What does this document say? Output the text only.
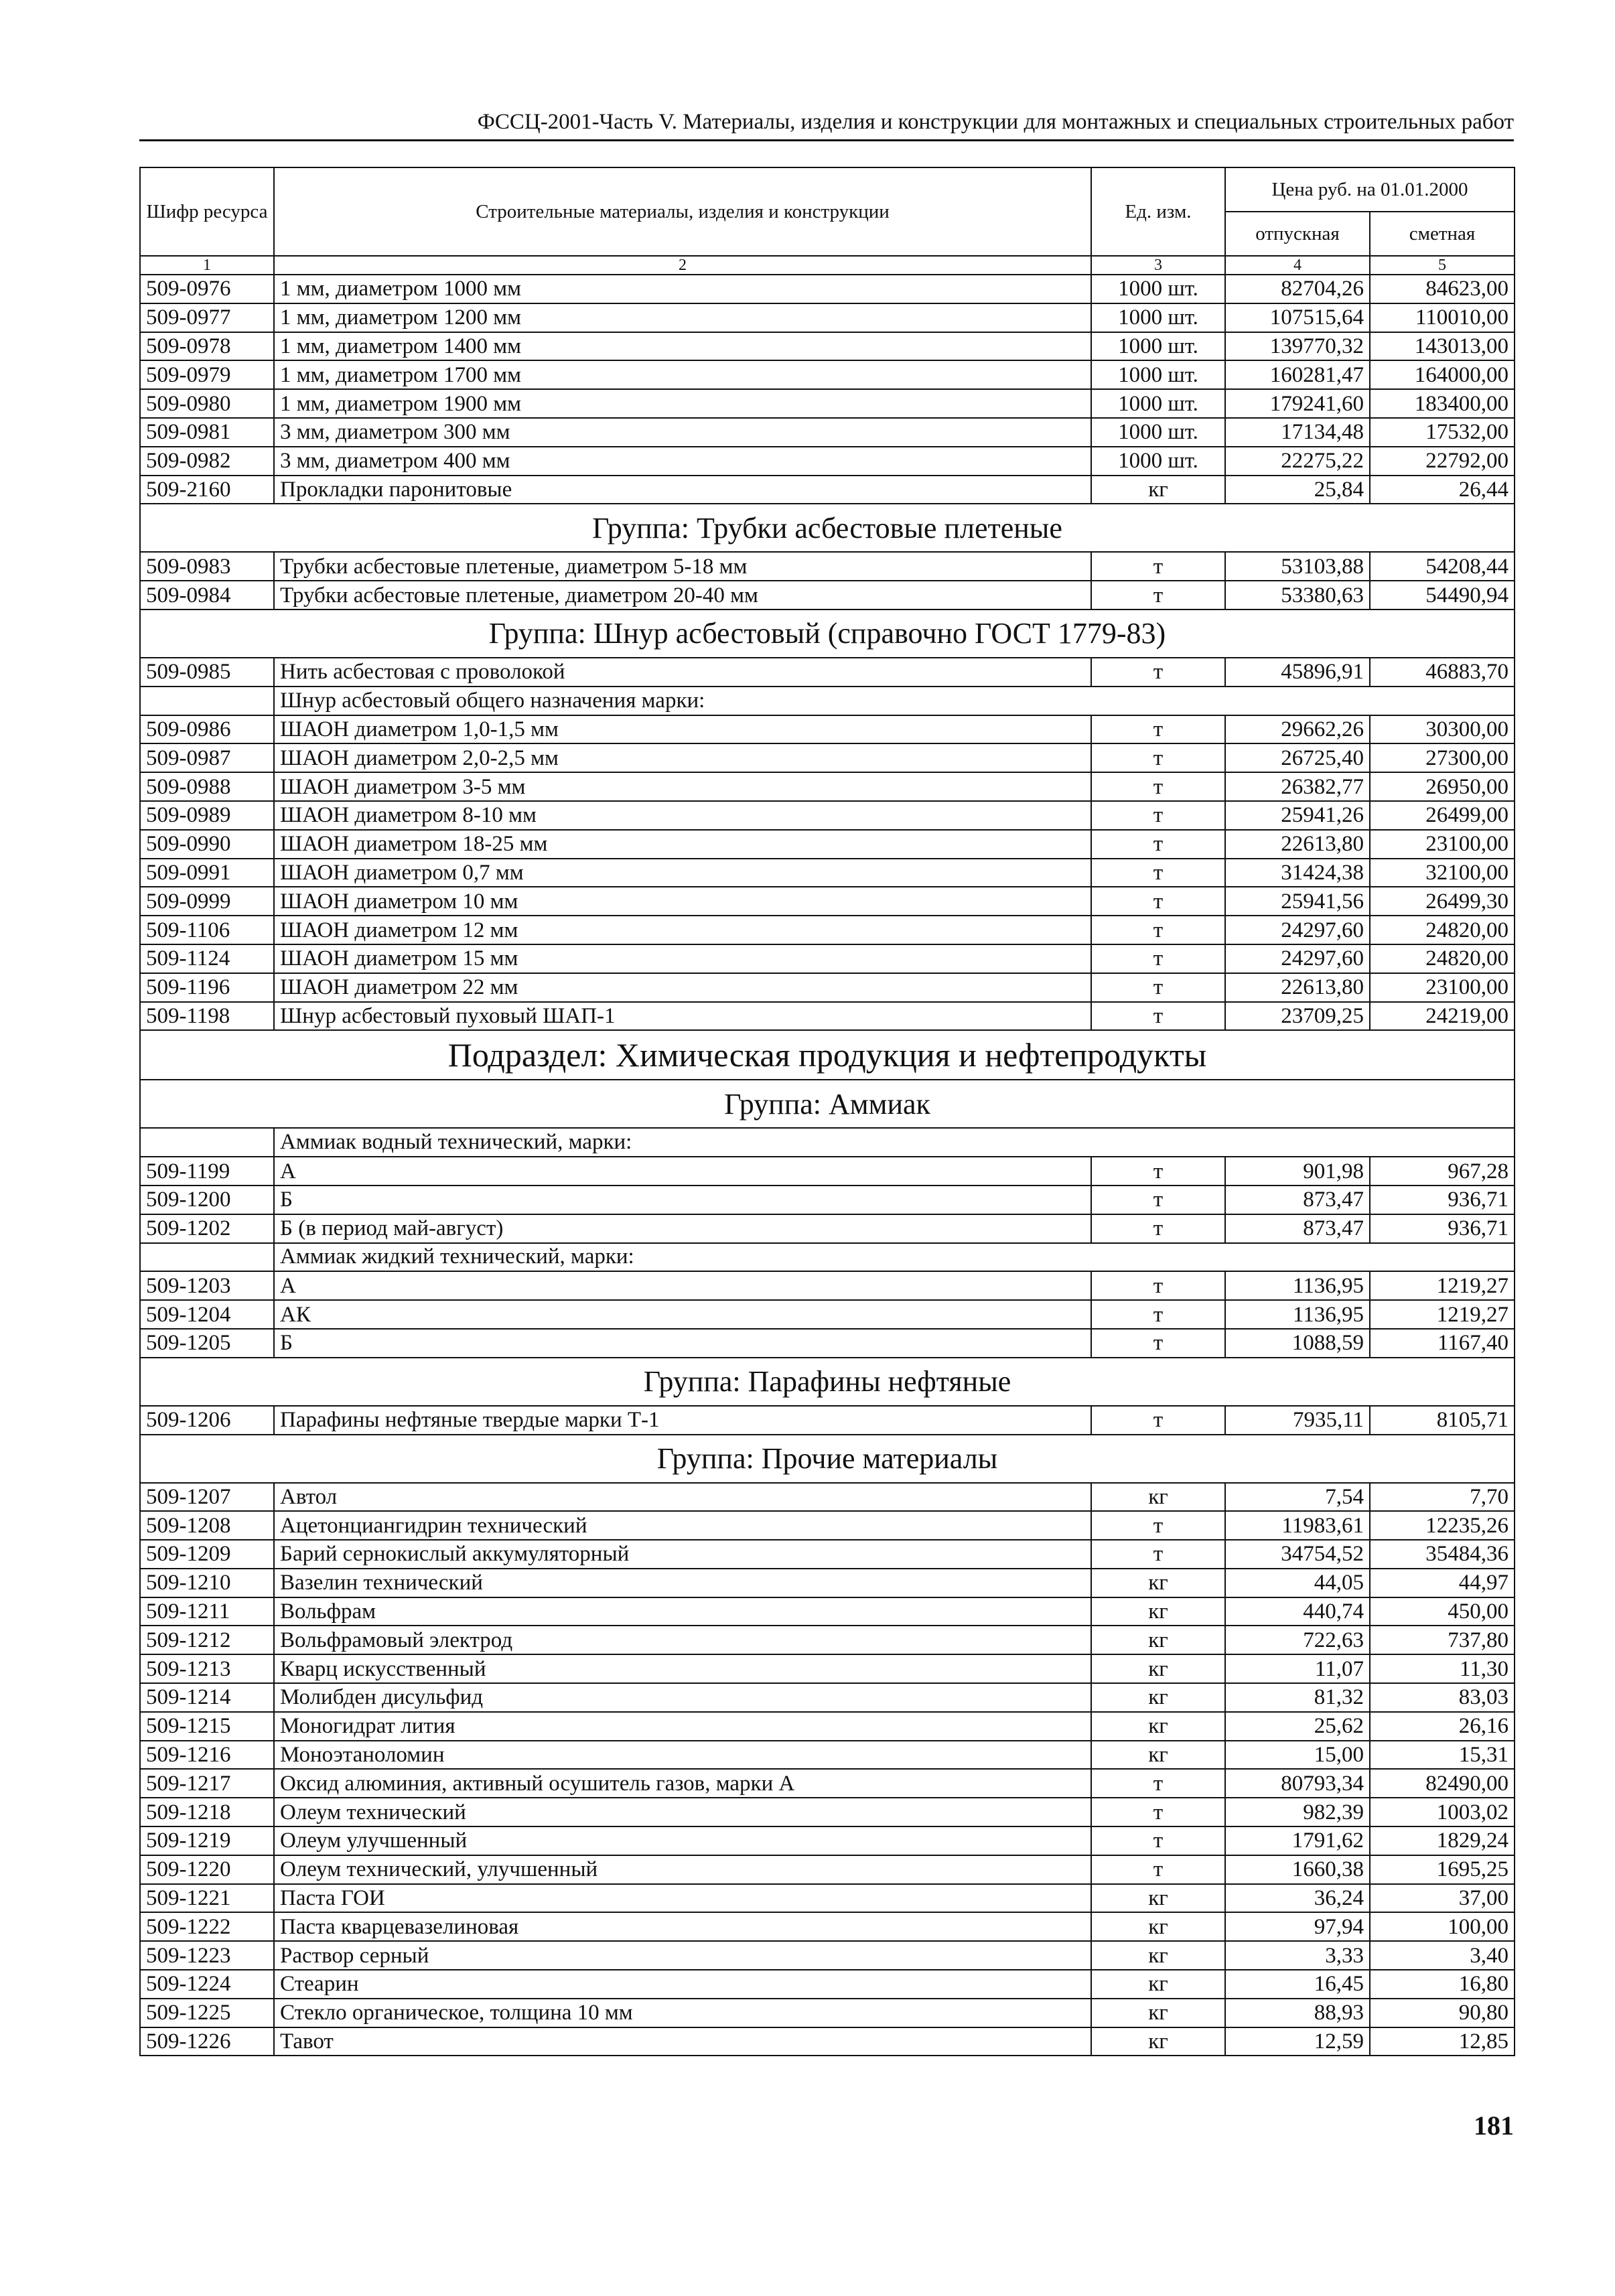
ФССЦ-2001-Часть V. Материалы, изделия и конструкции для монтажных и специальных строительных работ
Шифр ресурса	Строительные материалы, изделия и конструкции	Ед. изм.	Цена руб. на 01.01.2000	
			отпускная	сметная
1	2	3	4	5
509-0976	1 мм, диаметром 1000 мм	1000 шт.	82704,26	84623,00
509-0977	1 мм, диаметром 1200 мм	1000 шт.	107515,64	110010,00
509-0978	1 мм, диаметром 1400 мм	1000 шт.	139770,32	143013,00
509-0979	1 мм, диаметром 1700 мм	1000 шт.	160281,47	164000,00
509-0980	1 мм, диаметром 1900 мм	1000 шт.	179241,60	183400,00
509-0981	3 мм, диаметром 300 мм	1000 шт.	17134,48	17532,00
509-0982	3 мм, диаметром 400 мм	1000 шт.	22275,22	22792,00
509-2160	Прокладки паронитовые	кг	25,84	26,44
Группа: Трубки асбестовые плетеные				
509-0983	Трубки асбестовые плетеные, диаметром 5-18 мм	т	53103,88	54208,44
509-0984	Трубки асбестовые плетеные, диаметром 20-40 мм	т	53380,63	54490,94
Группа: Шнур асбестовый (справочно ГОСТ 1779-83)				
509-0985	Нить асбестовая с проволокой	т	45896,91	46883,70
	Шнур асбестовый общего назначения марки:			
509-0986	ШАОН диаметром 1,0-1,5 мм	т	29662,26	30300,00
509-0987	ШАОН диаметром 2,0-2,5 мм	т	26725,40	27300,00
509-0988	ШАОН диаметром 3-5 мм	т	26382,77	26950,00
509-0989	ШАОН диаметром 8-10 мм	т	25941,26	26499,00
509-0990	ШАОН диаметром 18-25 мм	т	22613,80	23100,00
509-0991	ШАОН диаметром 0,7 мм	т	31424,38	32100,00
509-0999	ШАОН диаметром 10 мм	т	25941,56	26499,30
509-1106	ШАОН диаметром 12 мм	т	24297,60	24820,00
509-1124	ШАОН диаметром 15 мм	т	24297,60	24820,00
509-1196	ШАОН диаметром 22 мм	т	22613,80	23100,00
509-1198	Шнур асбестовый пуховый ШАП-1	т	23709,25	24219,00
Подраздел: Химическая продукция и нефтепродукты				
Группа: Аммиак				
	Аммиак водный технический, марки:			
509-1199	А	т	901,98	967,28
509-1200	Б	т	873,47	936,71
509-1202	Б (в период май-август)	т	873,47	936,71
	Аммиак жидкий технический, марки:			
509-1203	А	т	1136,95	1219,27
509-1204	АК	т	1136,95	1219,27
509-1205	Б	т	1088,59	1167,40
Группа: Парафины нефтяные				
509-1206	Парафины нефтяные твердые марки Т-1	т	7935,11	8105,71
Группа: Прочие материалы				
509-1207	Автол	кг	7,54	7,70
509-1208	Ацетонциангидрин технический	т	11983,61	12235,26
509-1209	Барий сернокислый аккумуляторный	т	34754,52	35484,36
509-1210	Вазелин технический	кг	44,05	44,97
509-1211	Вольфрам	кг	440,74	450,00
509-1212	Вольфрамовый электрод	кг	722,63	737,80
509-1213	Кварц искусственный	кг	11,07	11,30
509-1214	Молибден дисульфид	кг	81,32	83,03
509-1215	Моногидрат лития	кг	25,62	26,16
509-1216	Моноэтаноломин	кг	15,00	15,31
509-1217	Оксид алюминия, активный осушитель газов, марки А	т	80793,34	82490,00
509-1218	Олеум технический	т	982,39	1003,02
509-1219	Олеум улучшенный	т	1791,62	1829,24
509-1220	Олеум технический, улучшенный	т	1660,38	1695,25
509-1221	Паста ГОИ	кг	36,24	37,00
509-1222	Паста кварцевазелиновая	кг	97,94	100,00
509-1223	Раствор серный	кг	3,33	3,40
509-1224	Стеарин	кг	16,45	16,80
509-1225	Стекло органическое, толщина 10 мм	кг	88,93	90,80
509-1226	Тавот	кг	12,59	12,85
181
